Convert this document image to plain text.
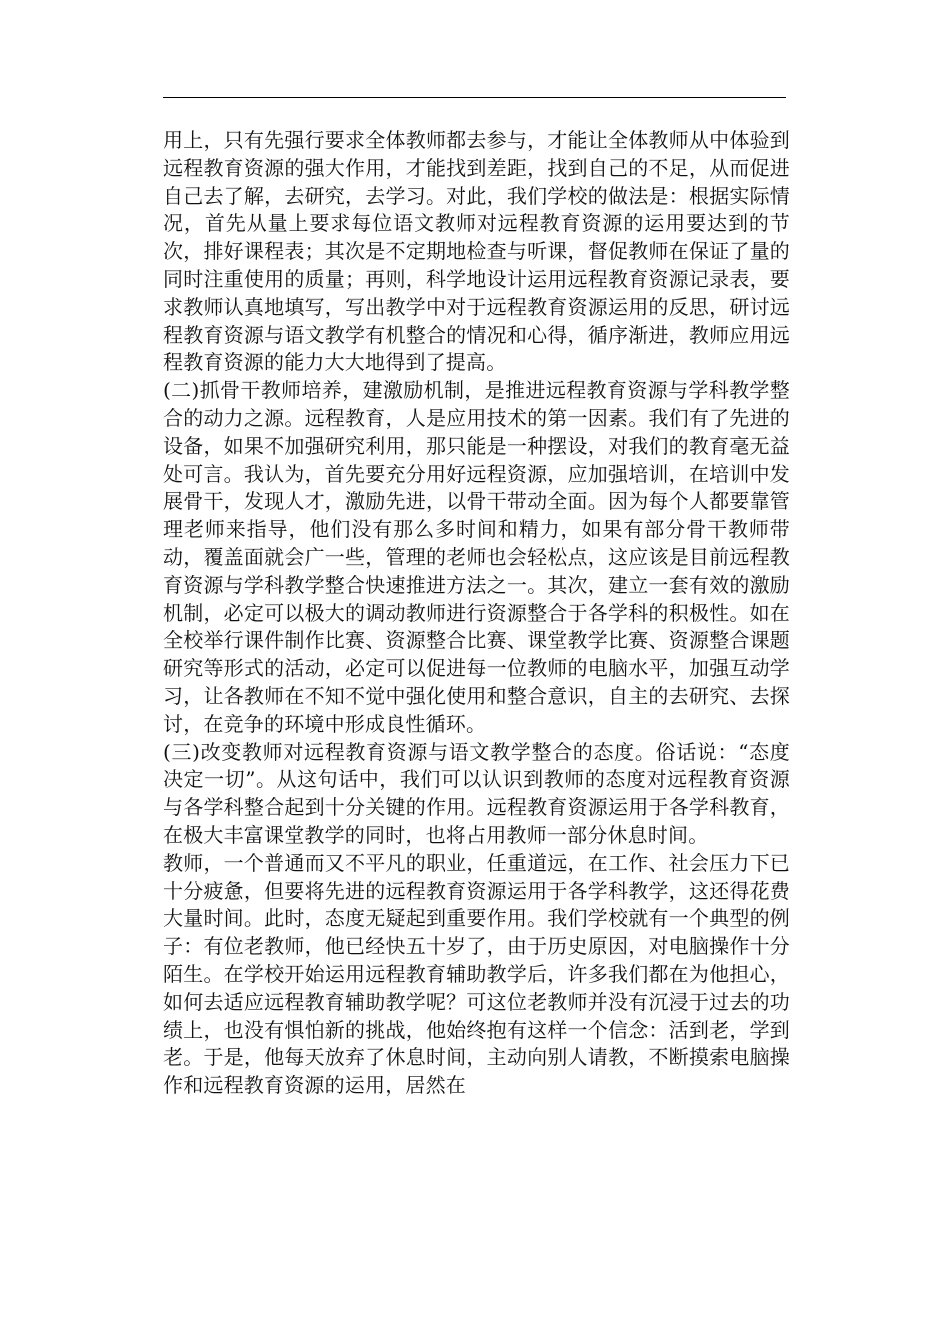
用上，只有先强行要求全体教师都去参与，才能让全体教师从中体验到远程教育资源的强大作用，才能找到差距，找到自己的不足，从而促进自己去了解，去研究，去学习。对此，我们学校的做法是：根据实际情况，首先从量上要求每位语文教师对远程教育资源的运用要达到的节次，排好课程表；其次是不定期地检查与听课，督促教师在保证了量的同时注重使用的质量；再则，科学地设计运用远程教育资源记录表，要求教师认真地填写，写出教学中对于远程教育资源运用的反思，研讨远程教育资源与语文教学有机整合的情况和心得，循序渐进，教师应用远程教育资源的能力大大地得到了提高。

(二)抓骨干教师培养，建激励机制，是推进远程教育资源与学科教学整合的动力之源。远程教育，人是应用技术的第一因素。我们有了先进的设备，如果不加强研究利用，那只能是一种摆设，对我们的教育毫无益处可言。我认为，首先要充分用好远程资源，应加强培训，在培训中发展骨干，发现人才，激励先进，以骨干带动全面。因为每个人都要靠管理老师来指导，他们没有那么多时间和精力，如果有部分骨干教师带动，覆盖面就会广一些，管理的老师也会轻松点，这应该是目前远程教育资源与学科教学整合快速推进方法之一。其次，建立一套有效的激励机制，必定可以极大的调动教师进行资源整合于各学科的积极性。如在全校举行课件制作比赛、资源整合比赛、课堂教学比赛、资源整合课题研究等形式的活动，必定可以促进每一位教师的电脑水平，加强互动学习，让各教师在不知不觉中强化使用和整合意识，自主的去研究、去探讨，在竞争的环境中形成良性循环。

(三)改变教师对远程教育资源与语文教学整合的态度。俗话说：“态度决定一切”。从这句话中，我们可以认识到教师的态度对远程教育资源与各学科整合起到十分关键的作用。远程教育资源运用于各学科教育，在极大丰富课堂教学的同时，也将占用教师一部分休息时间。

教师，一个普通而又不平凡的职业，任重道远，在工作、社会压力下已十分疲惫，但要将先进的远程教育资源运用于各学科教学，这还得花费大量时间。此时，态度无疑起到重要作用。我们学校就有一个典型的例子：有位老教师，他已经快五十岁了，由于历史原因，对电脑操作十分陌生。在学校开始运用远程教育辅助教学后，许多我们都在为他担心，如何去适应远程教育辅助教学呢？可这位老教师并没有沉浸于过去的功绩上，也没有惧怕新的挑战，他始终抱有这样一个信念：活到老，学到老。于是，他每天放弃了休息时间，主动向别人请教，不断摸索电脑操作和远程教育资源的运用，居然在
